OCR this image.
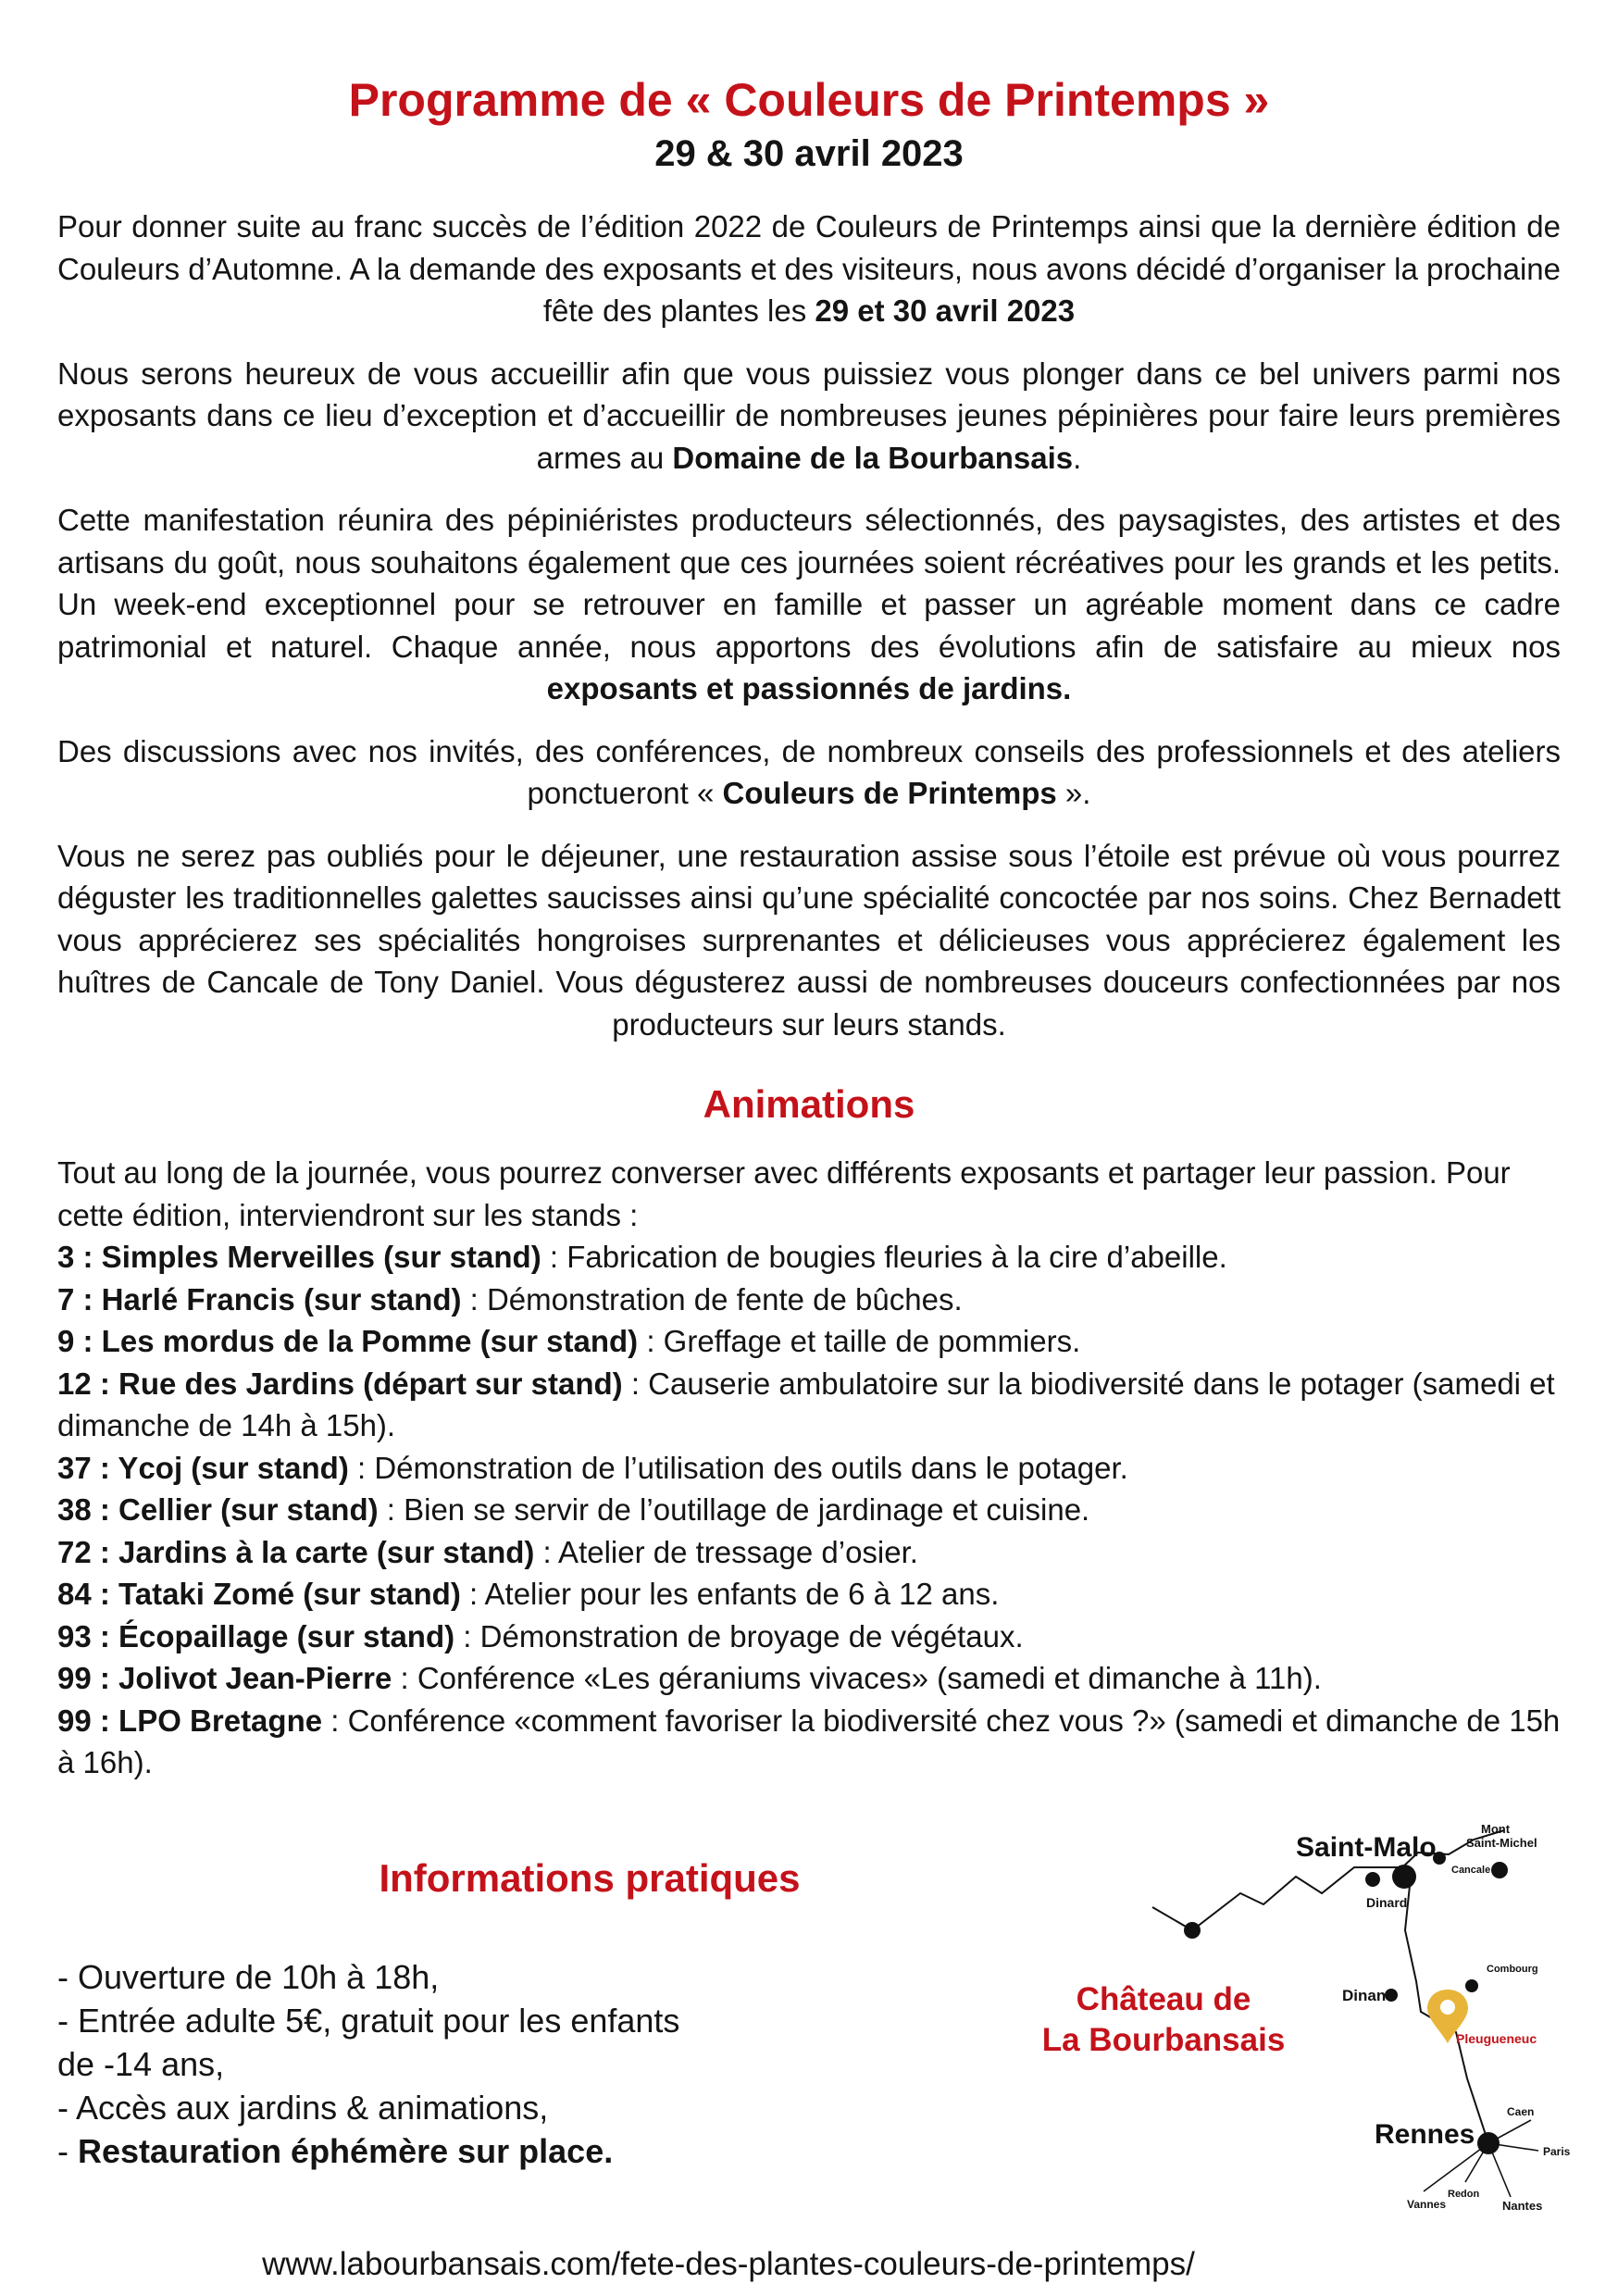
Programme de « Couleurs de Printemps »
29 & 30 avril 2023

Pour donner suite au franc succès de l’édition 2022 de Couleurs de Printemps ainsi que la dernière édition de Couleurs d’Automne. A la demande des exposants et des visiteurs, nous avons décidé d’organiser la prochaine fête des plantes les 29 et 30 avril 2023

Nous serons heureux de vous accueillir afin que vous puissiez vous plonger dans ce bel univers parmi nos exposants dans ce lieu d’exception et d’accueillir de nombreuses jeunes pépinières pour faire leurs premières armes au Domaine de la Bourbansais.

Cette manifestation réunira des pépiniéristes producteurs sélectionnés, des paysagistes, des artistes et des artisans du goût, nous souhaitons également que ces journées soient récréatives pour les grands et les petits. Un week-end exceptionnel pour se retrouver en famille et passer un agréable moment dans ce cadre patrimonial et naturel. Chaque année, nous apportons des évolutions afin de satisfaire au mieux nos exposants et passionnés de jardins.

Des discussions avec nos invités, des conférences, de nombreux conseils des professionnels et des ateliers ponctueront « Couleurs de Printemps ».

Vous ne serez pas oubliés pour le déjeuner, une restauration assise sous l’étoile est prévue où vous pourrez déguster les traditionnelles galettes saucisses ainsi qu’une spécialité concoctée par nos soins. Chez Bernadett vous apprécierez ses spécialités hongroises surprenantes et délicieuses vous apprécierez également les huîtres de Cancale de Tony Daniel. Vous dégusterez aussi de nombreuses douceurs confectionnées par nos producteurs sur leurs stands.

Animations

Tout au long de la journée, vous pourrez converser avec différents exposants et partager leur passion. Pour cette édition, interviendront sur les stands :

3 : Simples Merveilles (sur stand) : Fabrication de bougies fleuries à la cire d’abeille.

7 : Harlé Francis (sur stand) : Démonstration de fente de bûches.

9 : Les mordus de la Pomme (sur stand) : Greffage et taille de pommiers.

12 : Rue des Jardins (départ sur stand) : Causerie ambulatoire sur la biodiversité dans le potager (samedi et dimanche de 14h à 15h).

37 : Ycoj (sur stand) : Démonstration de l’utilisation des outils dans le potager.

38 : Cellier (sur stand) : Bien se servir de l’outillage de jardinage et cuisine.

72 : Jardins à la carte (sur stand) : Atelier de tressage d’osier.

84 : Tataki Zomé (sur stand) : Atelier pour les enfants de 6 à 12 ans.

93 : Écopaillage (sur stand) : Démonstration de broyage de végétaux.

99 : Jolivot Jean-Pierre : Conférence «Les géraniums vivaces» (samedi et dimanche à 11h).

99 : LPO Bretagne : Conférence «comment favoriser la biodiversité chez vous ?» (samedi et dimanche de 15h à 16h).

Informations pratiques

- Ouverture de 10h à 18h,

- Entrée adulte 5€, gratuit pour les enfants de -14 ans,

- Accès aux jardins & animations,

- Restauration éphémère sur place.

www.labourbansais.com/fete-des-plantes-couleurs-de-printemps/
Saint-Malo
Mont
Saint-Michel
Cancale
Dinard
Combourg
Dinan
Pleugueneuc
Caen
Paris
Rennes
Redon
Vannes	Nantes
Château de
La Bourbansais
